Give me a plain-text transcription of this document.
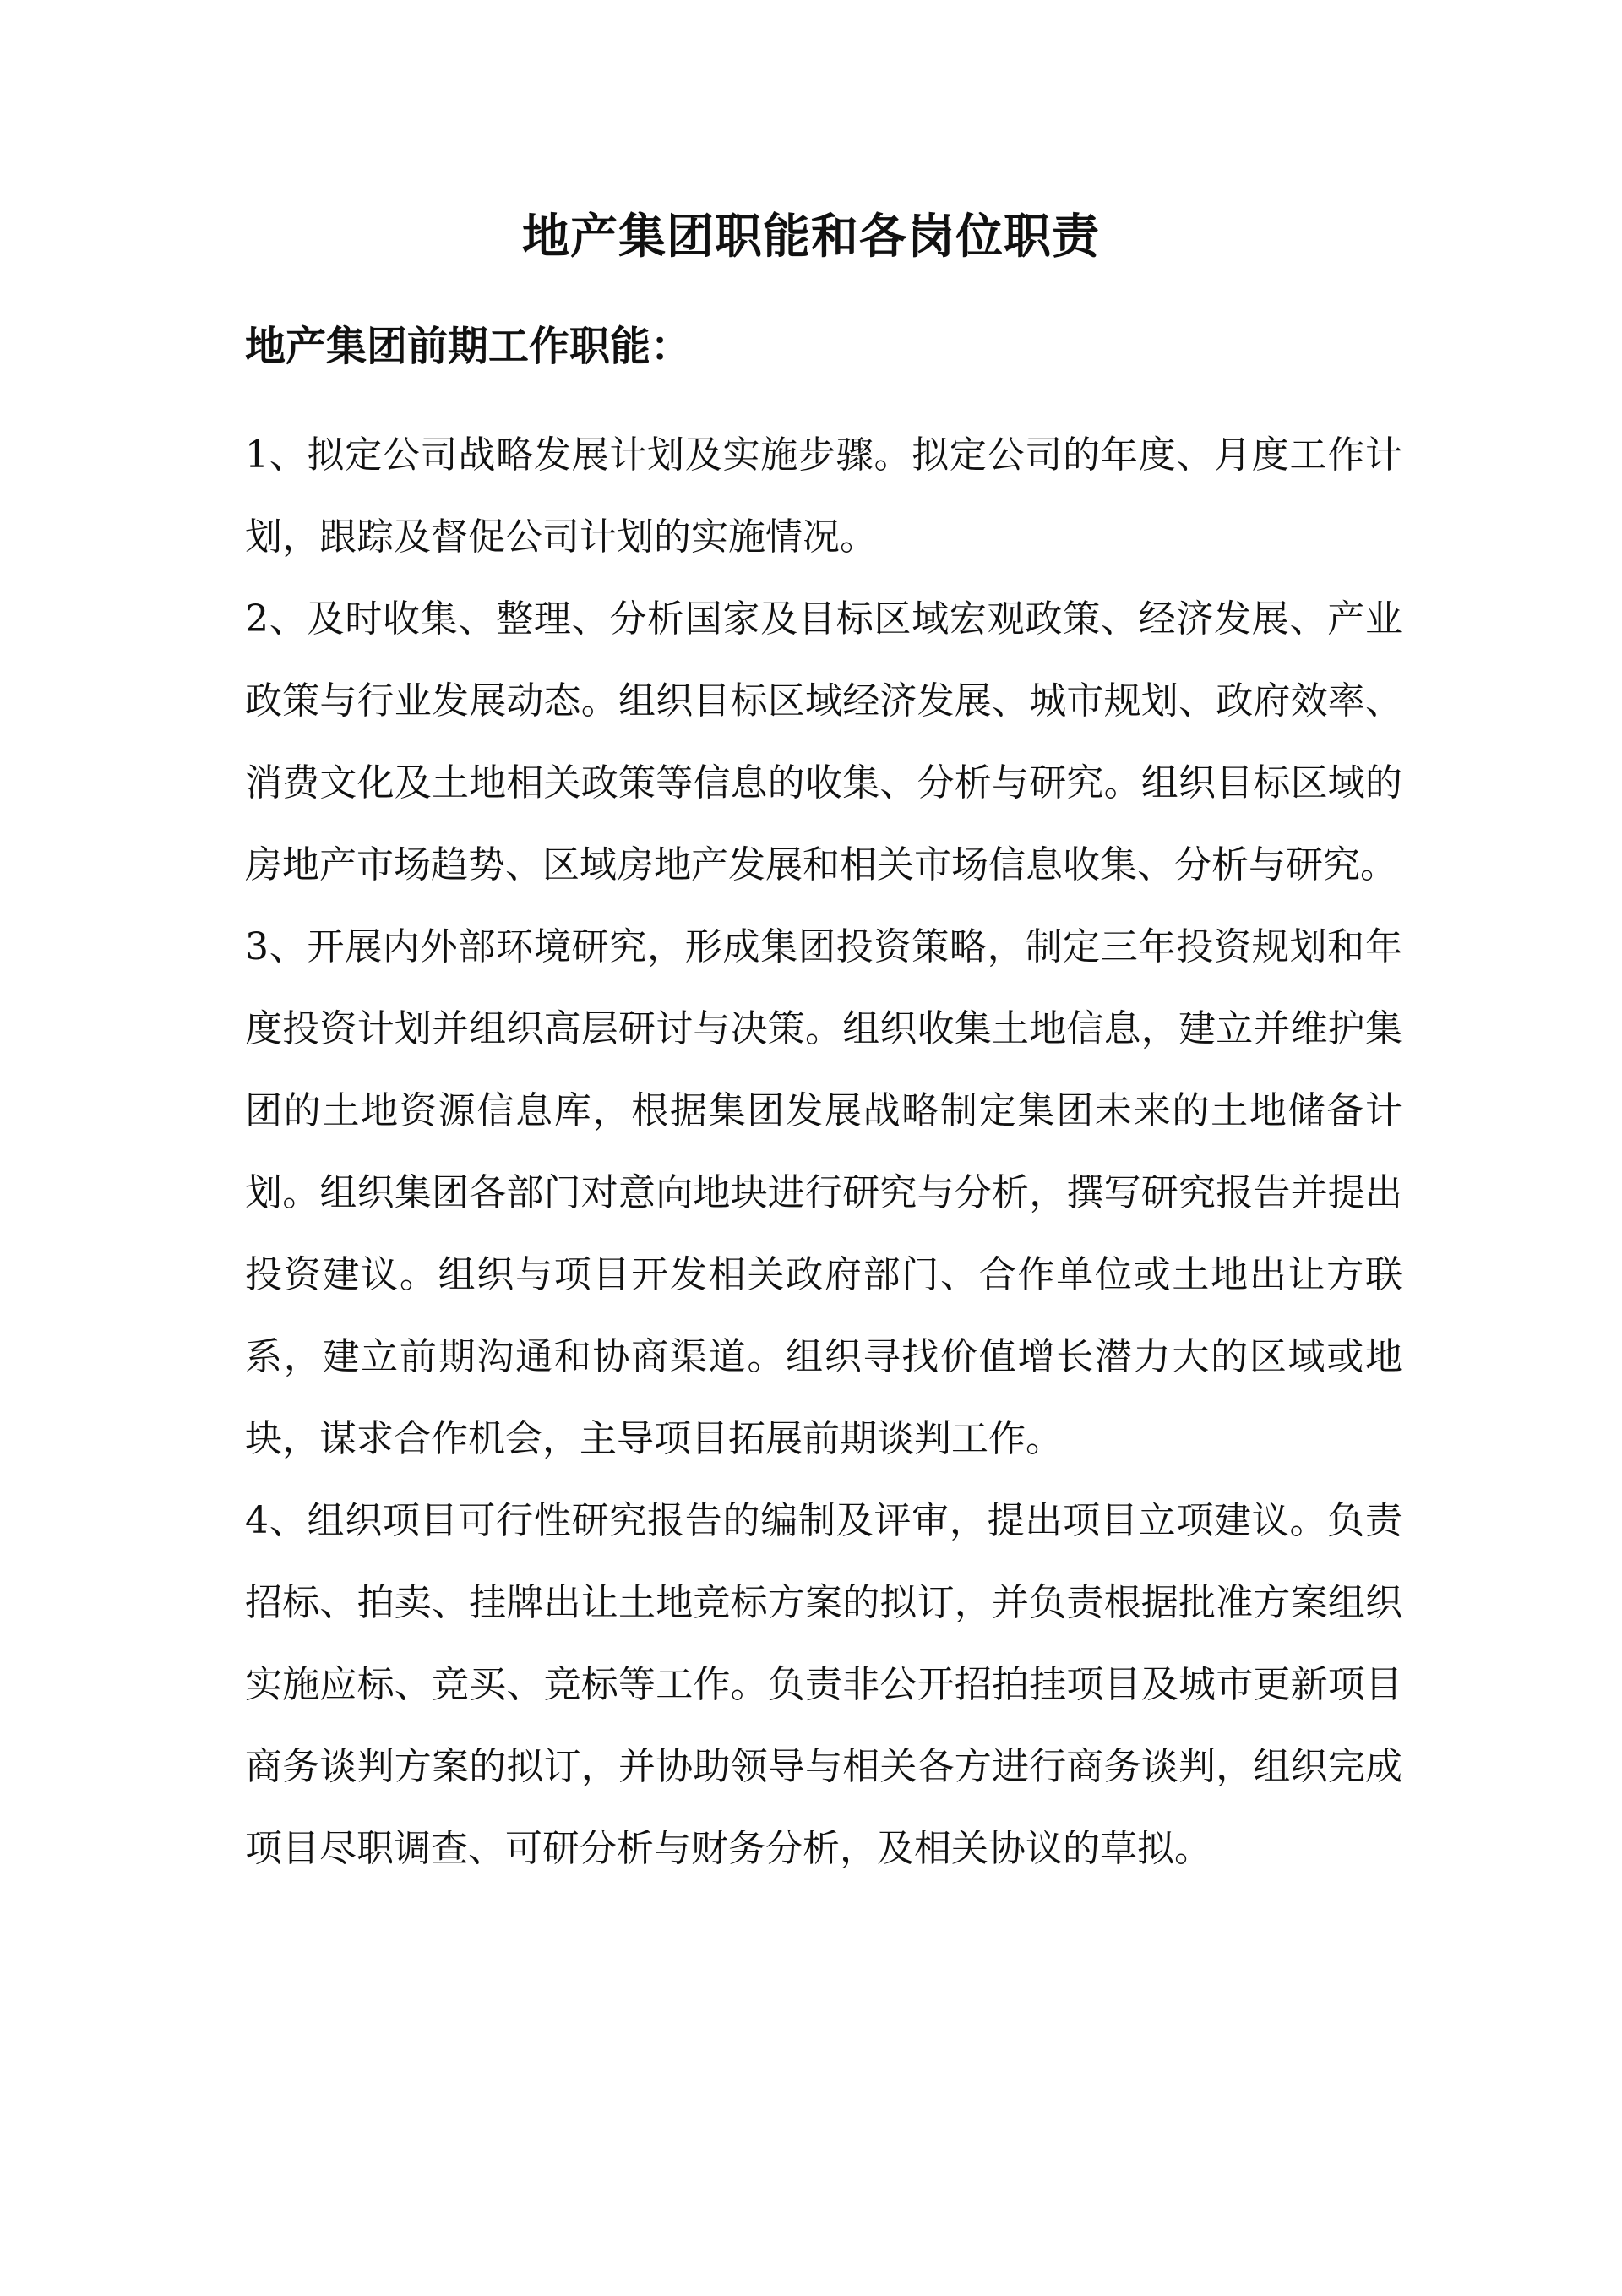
地产集团职能和各岗位职责
地产集团前期工作职能：

1、拟定公司战略发展计划及实施步骤。拟定公司的年度、月度工作计划，跟踪及督促公司计划的实施情况。

2、及时收集、整理、分析国家及目标区域宏观政策、经济发展、产业政策与行业发展动态。组织目标区域经济发展、城市规划、政府效率、消费文化及土地相关政策等信息的收集、分析与研究。组织目标区域的房地产市场趋势、区域房地产发展和相关市场信息收集、分析与研究。

3、开展内外部环境研究，形成集团投资策略，制定三年投资规划和年度投资计划并组织高层研讨与决策。组织收集土地信息，建立并维护集团的土地资源信息库，根据集团发展战略制定集团未来的土地储备计划。组织集团各部门对意向地块进行研究与分析，撰写研究报告并提出投资建议。组织与项目开发相关政府部门、合作单位或土地出让方联系，建立前期沟通和协商渠道。组织寻找价值增长潜力大的区域或地块，谋求合作机会，主导项目拓展前期谈判工作。

4、组织项目可行性研究报告的编制及评审，提出项目立项建议。负责招标、拍卖、挂牌出让土地竞标方案的拟订，并负责根据批准方案组织实施应标、竞买、竞标等工作。负责非公开招拍挂项目及城市更新项目商务谈判方案的拟订，并协助领导与相关各方进行商务谈判，组织完成项目尽职调查、可研分析与财务分析，及相关协议的草拟。
